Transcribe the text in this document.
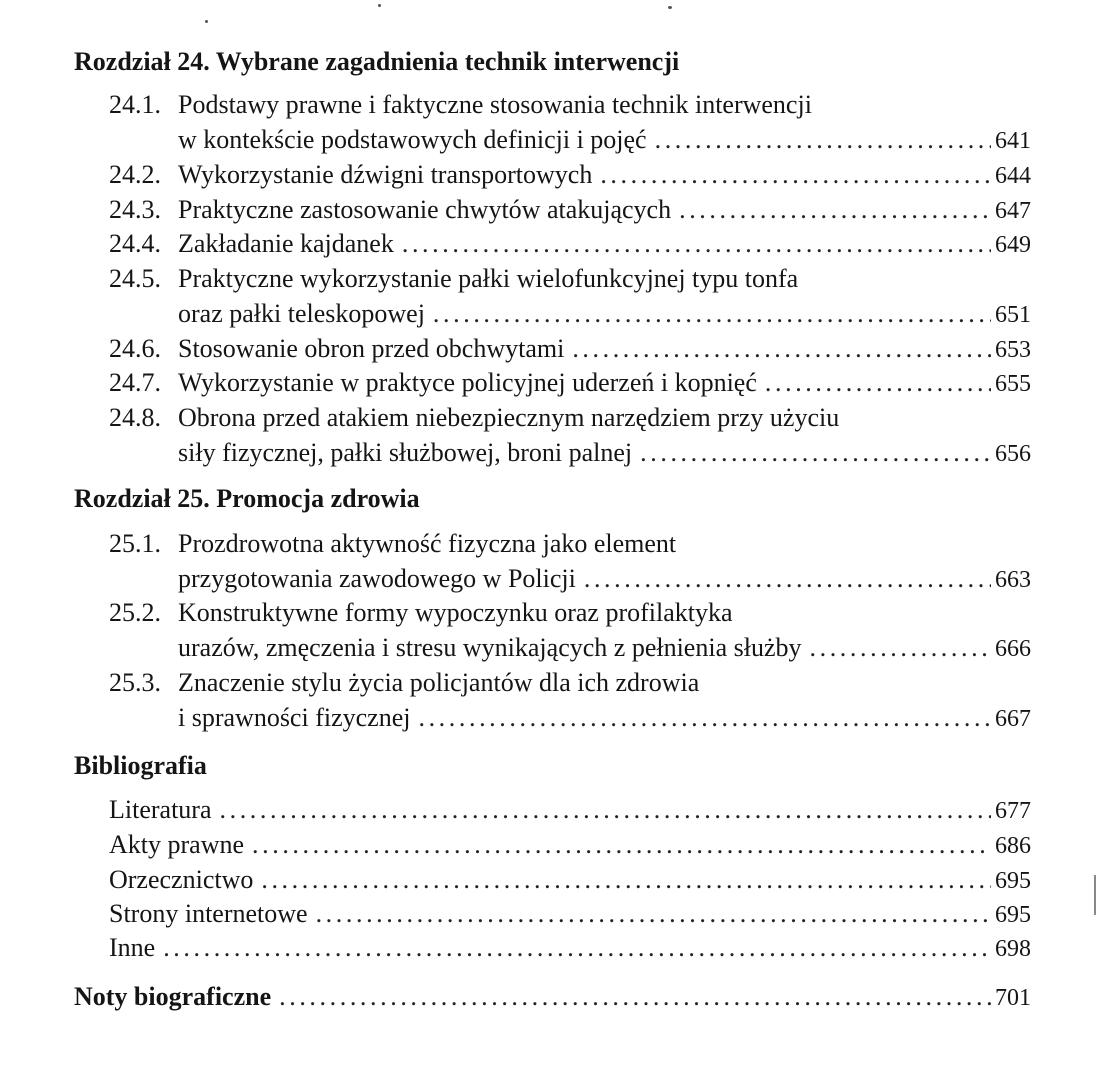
Rozdział 24. Wybrane zagadnienia technik interwencji
24.1. Podstawy prawne i faktyczne stosowania technik interwencji
w kontekście podstawowych definicji i pojęć .....	641
24.2. Wykorzystanie dźwigni transportowych .....	644
24.3. Praktyczne zastosowanie chwytów atakujących .....	647
24.4. Zakładanie kajdanek .....	649
24.5. Praktyczne wykorzystanie pałki wielofunkcyjnej typu tonfa
oraz pałki teleskopowej .....	651
24.6. Stosowanie obron przed obchwytami .....	653
24.7. Wykorzystanie w praktyce policyjnej uderzeń i kopnięć .....	655
24.8. Obrona przed atakiem niebezpiecznym narzędziem przy użyciu
siły fizycznej, pałki służbowej, broni palnej .....	656
Rozdział 25. Promocja zdrowia
25.1. Prozdrowotna aktywność fizyczna jako element
przygotowania zawodowego w Policji .....	663
25.2. Konstruktywne formy wypoczynku oraz profilaktyka
urazów, zmęczenia i stresu wynikających z pełnienia służby .....	666
25.3. Znaczenie stylu życia policjantów dla ich zdrowia
i sprawności fizycznej .....	667
Bibliografia
Literatura .....	677
Akty prawne .....	686
Orzecznictwo .....	695
Strony internetowe .....	695
Inne .....	698
Noty biograficzne .....	701
